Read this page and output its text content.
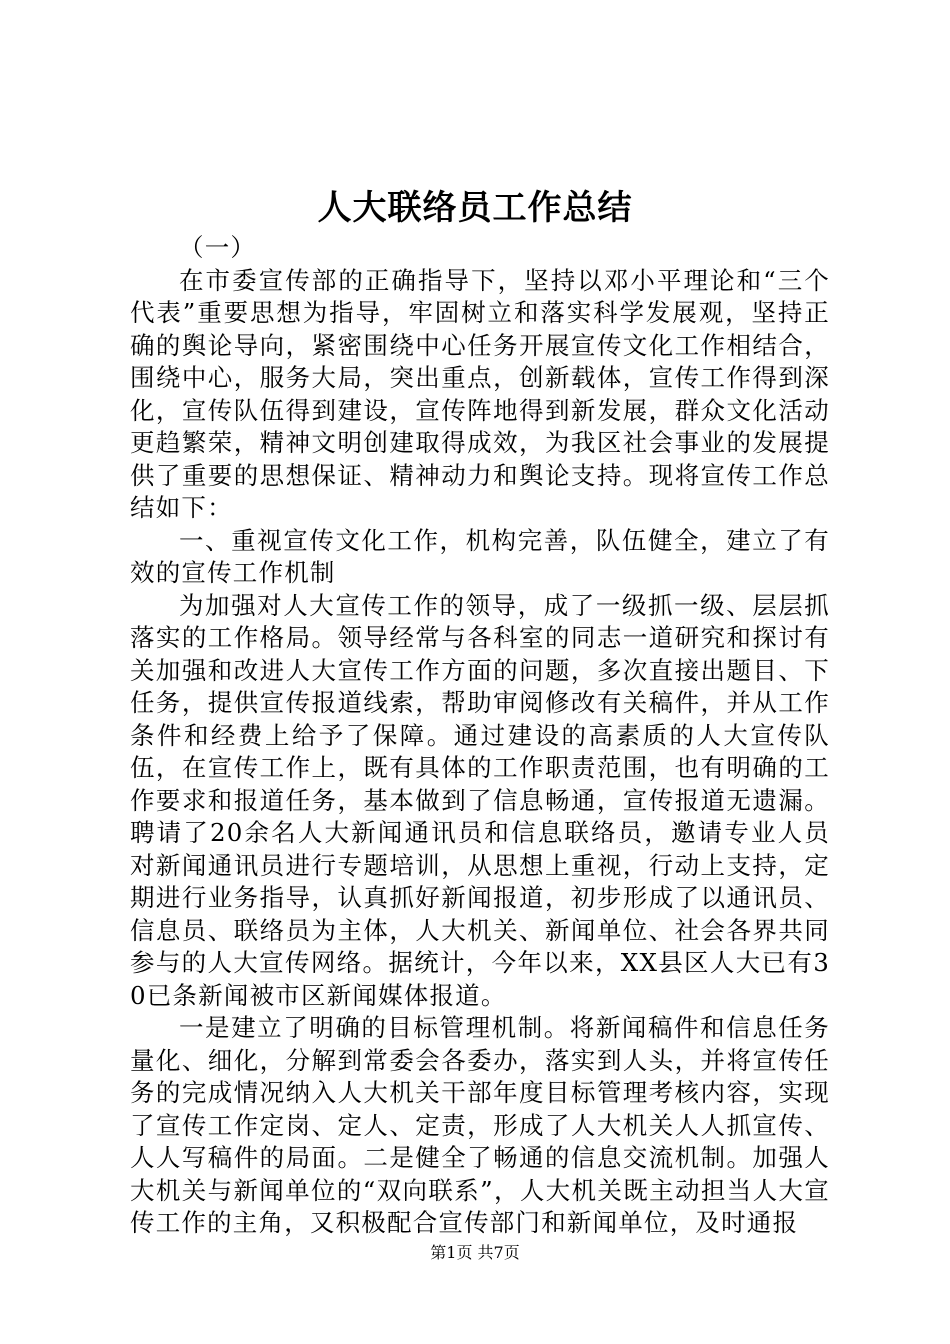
人大联络员工作总结

（一）

在市委宣传部的正确指导下，坚持以邓小平理论和“三个代表”重要思想为指导，牢固树立和落实科学发展观，坚持正确的舆论导向，紧密围绕中心任务开展宣传文化工作相结合，围绕中心，服务大局，突出重点，创新载体，宣传工作得到深化，宣传队伍得到建设，宣传阵地得到新发展，群众文化活动更趋繁荣，精神文明创建取得成效，为我区社会事业的发展提供了重要的思想保证、精神动力和舆论支持。现将宣传工作总结如下：

一、重视宣传文化工作，机构完善，队伍健全，建立了有效的宣传工作机制

为加强对人大宣传工作的领导，成了一级抓一级、层层抓落实的工作格局。领导经常与各科室的同志一道研究和探讨有关加强和改进人大宣传工作方面的问题，多次直接出题目、下任务，提供宣传报道线索，帮助审阅修改有关稿件，并从工作条件和经费上给予了保障。通过建设的高素质的人大宣传队伍，在宣传工作上，既有具体的工作职责范围，也有明确的工作要求和报道任务，基本做到了信息畅通，宣传报道无遗漏。聘请了20余名人大新闻通讯员和信息联络员，邀请专业人员对新闻通讯员进行专题培训，从思想上重视，行动上支持，定期进行业务指导，认真抓好新闻报道，初步形成了以通讯员、信息员、联络员为主体，人大机关、新闻单位、社会各界共同参与的人大宣传网络。据统计，今年以来，XX县区人大已有30已条新闻被市区新闻媒体报道。

一是建立了明确的目标管理机制。将新闻稿件和信息任务量化、细化，分解到常委会各委办，落实到人头，并将宣传任务的完成情况纳入人大机关干部年度目标管理考核内容，实现了宣传工作定岗、定人、定责，形成了人大机关人人抓宣传、人人写稿件的局面。二是健全了畅通的信息交流机制。加强人大机关与新闻单位的“双向联系”，人大机关既主动担当人大宣传工作的主角，又积极配合宣传部门和新闻单位，及时通报

第1页 共7页
